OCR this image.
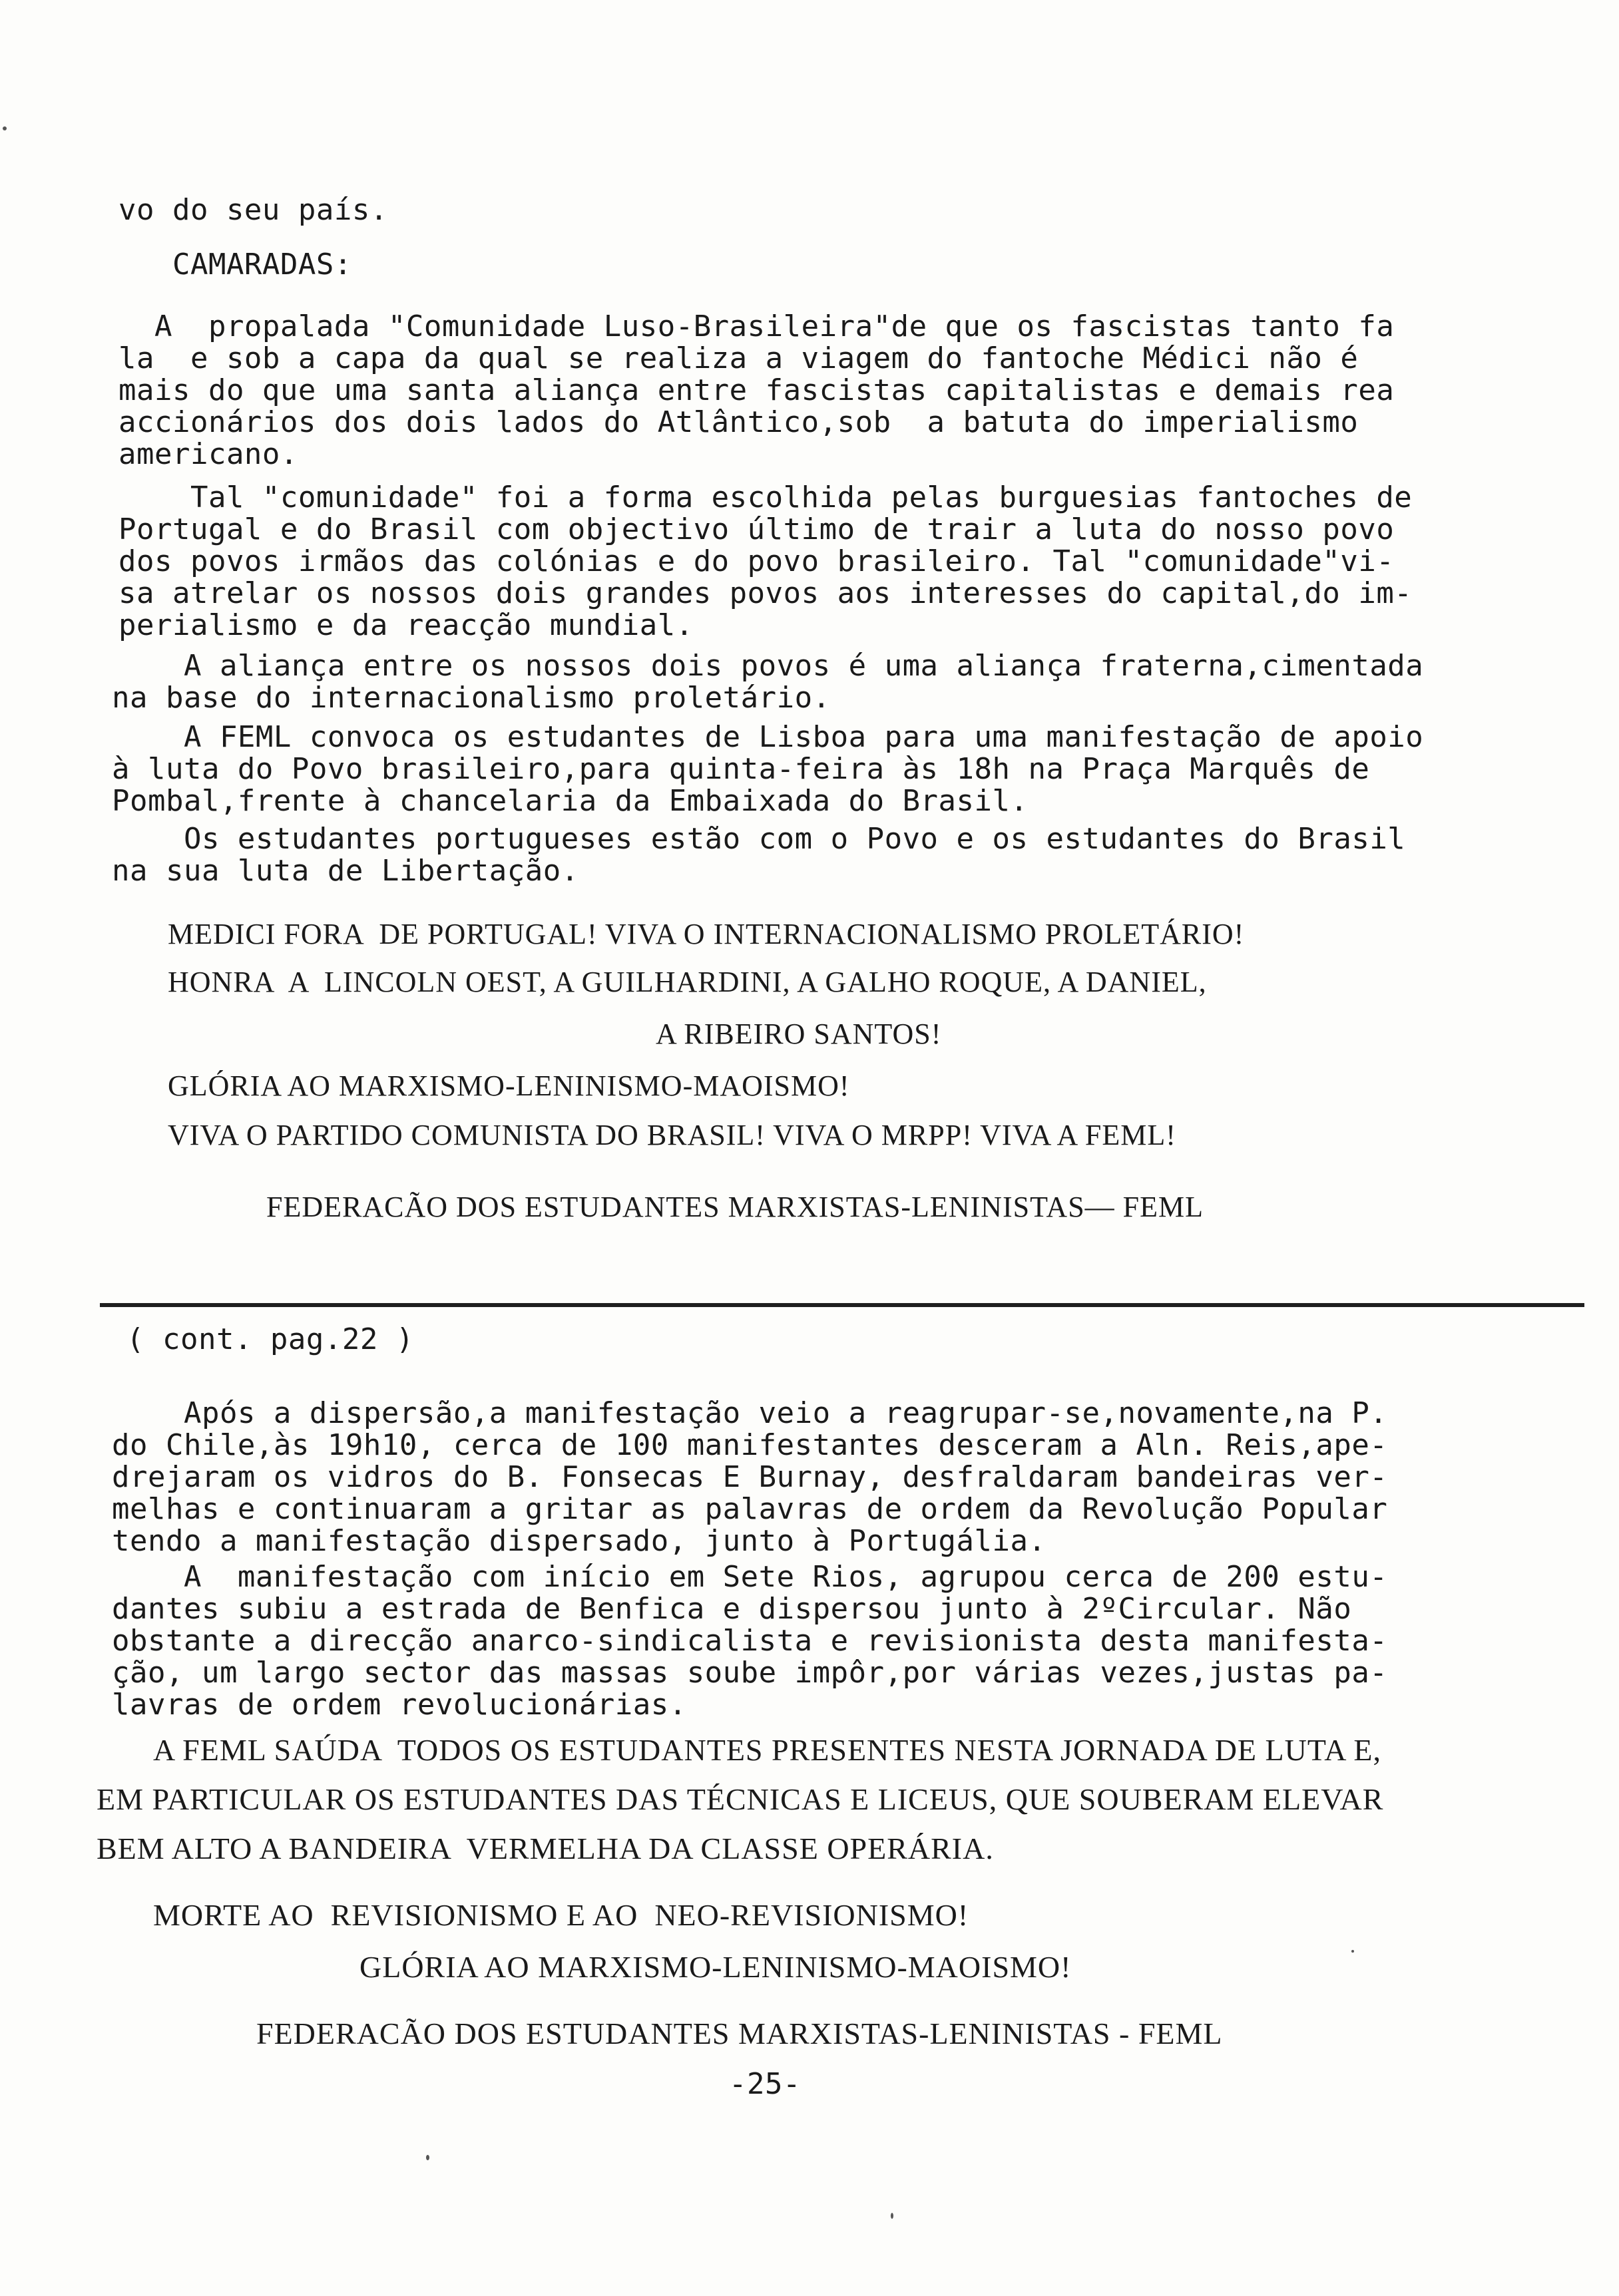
vo do seu país.

CAMARADAS:

A  propalada "Comunidade Luso-Brasileira"de que os fascistas tanto fa

la  e sob a capa da qual se realiza a viagem do fantoche Médici não é

mais do que uma santa aliança entre fascistas capitalistas e demais rea

accionários dos dois lados do Atlântico,sob  a batuta do imperialismo

americano.

Tal "comunidade" foi a forma escolhida pelas burguesias fantoches de

Portugal e do Brasil com objectivo último de trair a luta do nosso povo

dos povos irmãos das colónias e do povo brasileiro. Tal "comunidade"vi-

sa atrelar os nossos dois grandes povos aos interesses do capital,do im-

perialismo e da reacção mundial.

A aliança entre os nossos dois povos é uma aliança fraterna,cimentada

na base do internacionalismo proletário.

A FEML convoca os estudantes de Lisboa para uma manifestação de apoio

à luta do Povo brasileiro,para quinta-feira às 18h na Praça Marquês de

Pombal,frente à chancelaria da Embaixada do Brasil.

Os estudantes portugueses estão com o Povo e os estudantes do Brasil

na sua luta de Libertação.

MEDICI FORA  DE PORTUGAL! VIVA O INTERNACIONALISMO PROLETÁRIO!

HONRA  A  LINCOLN OEST, A GUILHARDINI, A GALHO ROQUE, A DANIEL,

A RIBEIRO SANTOS!

GLÓRIA AO MARXISMO-LENINISMO-MAOISMO!

VIVA O PARTIDO COMUNISTA DO BRASIL! VIVA O MRPP! VIVA A FEML!

FEDERACÃO DOS ESTUDANTES MARXISTAS-LENINISTAS— FEML

( cont. pag.22 )

Após a dispersão,a manifestação veio a reagrupar-se,novamente,na P.

do Chile,às 19h10, cerca de 100 manifestantes desceram a Aln. Reis,ape-

drejaram os vidros do B. Fonsecas E Burnay, desfraldaram bandeiras ver-

melhas e continuaram a gritar as palavras de ordem da Revolução Popular

tendo a manifestação dispersado, junto à Portugália.

A  manifestação com início em Sete Rios, agrupou cerca de 200 estu-

dantes subiu a estrada de Benfica e dispersou junto à 2ºCircular. Não

obstante a direcção anarco-sindicalista e revisionista desta manifesta-

ção, um largo sector das massas soube impôr,por várias vezes,justas pa-

lavras de ordem revolucionárias.

A FEML SAÚDA  TODOS OS ESTUDANTES PRESENTES NESTA JORNADA DE LUTA E,

EM PARTICULAR OS ESTUDANTES DAS TÉCNICAS E LICEUS, QUE SOUBERAM ELEVAR

BEM ALTO A BANDEIRA  VERMELHA DA CLASSE OPERÁRIA.

MORTE AO  REVISIONISMO E AO  NEO-REVISIONISMO!

GLÓRIA AO MARXISMO-LENINISMO-MAOISMO!

FEDERACÃO DOS ESTUDANTES MARXISTAS-LENINISTAS - FEML

-25-
